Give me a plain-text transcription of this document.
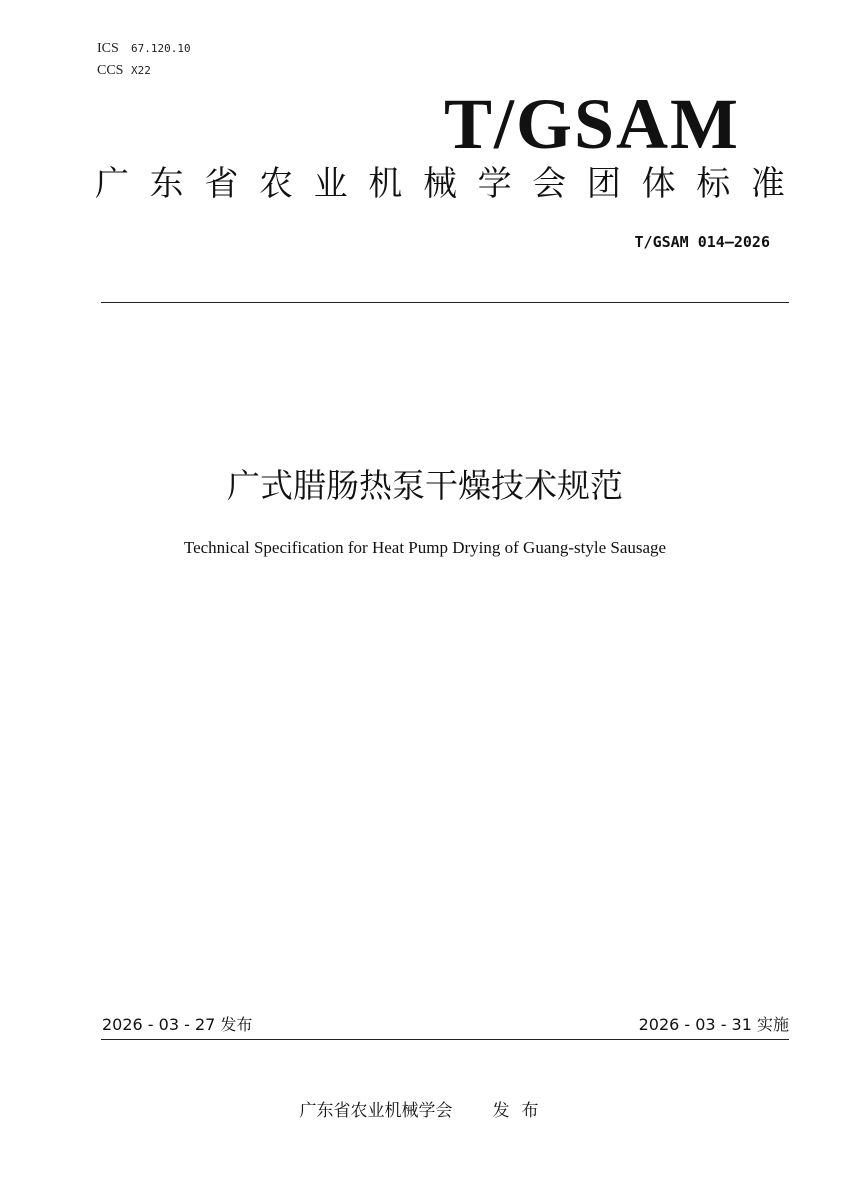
ICS 67.120.10
CCS X22
T/GSAM
广 东 省 农 业 机 械 学 会 团 体 标 准
T/GSAM 014—2026
广式腊肠热泵干燥技术规范
Technical Specification for Heat Pump Drying of Guang-style Sausage
2026 - 03 - 27 发布	2026 - 03 - 31 实施
广东省农业机械学会 发布
